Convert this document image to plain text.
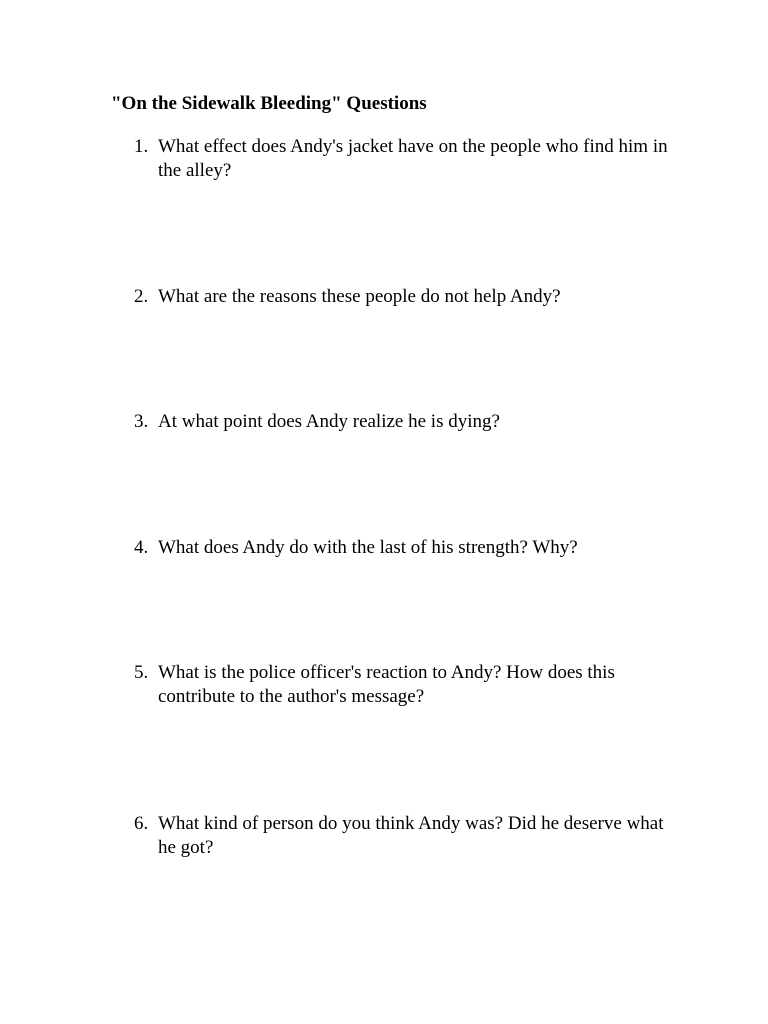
"On the Sidewalk Bleeding" Questions
1. What effect does Andy's jacket have on the people who find him in the alley?
2. What are the reasons these people do not help Andy?
3. At what point does Andy realize he is dying?
4. What does Andy do with the last of his strength? Why?
5. What is the police officer's reaction to Andy? How does this contribute to the author's message?
6. What kind of person do you think Andy was? Did he deserve what he got?
